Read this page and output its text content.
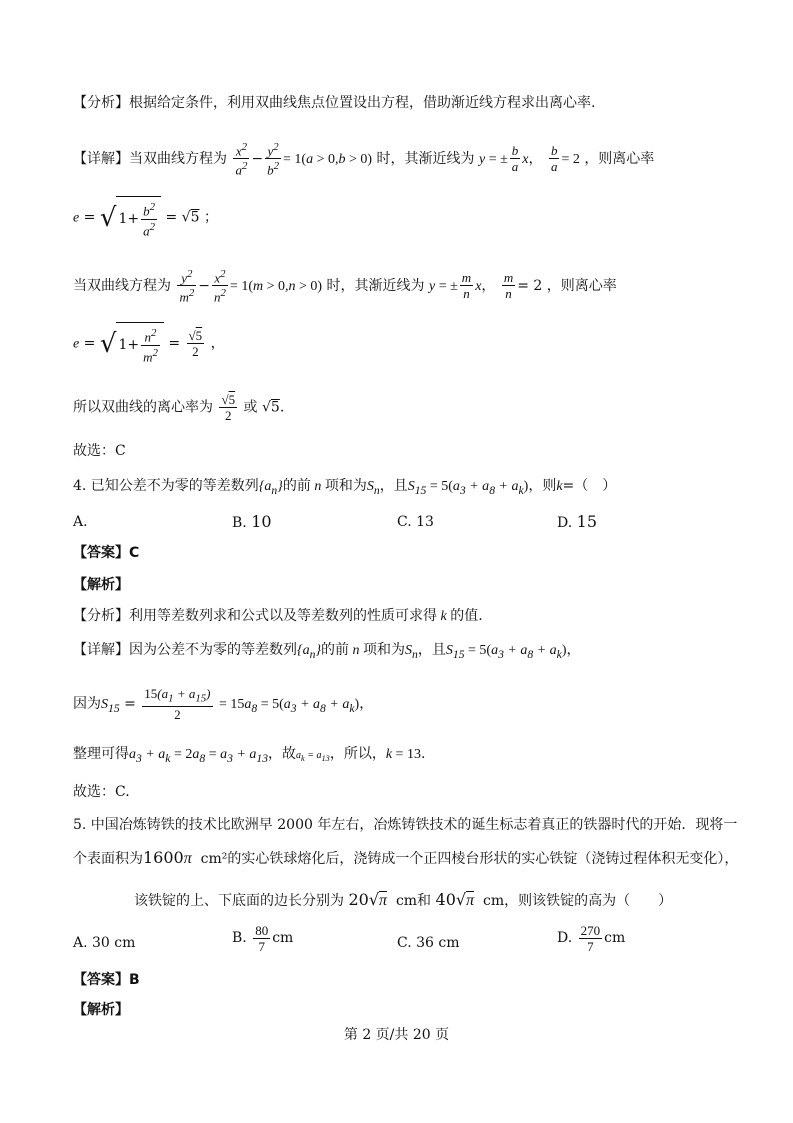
【分析】根据给定条件，利用双曲线焦点位置设出方程，借助渐近线方程求出离心率.
【详解】当双曲线方程为 $\frac{x^2}{a^2} - \frac{y^2}{b^2} = 1(a > 0,b > 0)$ 时，其渐近线为 y = ± $\frac{b}{a}$ x， $\frac{b}{a} = 2$ ，则离心率
e = √ $1+ \frac{b^2}{a^2} = √5$ ；
当双曲线方程为 $\frac{y^2}{m^2} - \frac{x^2}{n^2} = 1(m > 0,n > 0)$ 时，其渐近线为 y = ± $\frac{m}{n}$ x， $\frac{m}{n} = 2$ ，则离心率
e = √ $1+ \frac{n^2}{m^2} = \frac{√5}{2}$ ，
所以双曲线的离心率为 $\frac{√5}{2}$ 或 √5.
故选：C
4. 已知公差不为零的等差数列$\{a_n\}$的前 n 项和为$S_n$，且$S_{15} = 5(a_3 + a_8 + a_k)$，则k=（　）
A.	B. 10	C. 13	D. 15
【答案】C
【解析】
【分析】利用等差数列求和公式以及等差数列的性质可求得 k 的值.
【详解】因为公差不为零的等差数列$\{a_n\}$的前 n 项和为$S_n$，且$S_{15} = 5(a_3 + a_8 + a_k)$，
因为$S_{15} = \frac{15(a_1 + a_{15})}{2} = 15a_8 = 5(a_3 + a_8 + a_k)$，
整理可得$a_3 + a_k = 2a_8 = a_3 + a_{13}$，故$a_k = a_{13}$，所以，k = 13.
故选：C.
5. 中国冶炼铸铁的技术比欧洲早 2000 年左右，冶炼铸铁技术的诞生标志着真正的铁器时代的开始．现将一
个表面积为1600π cm²的实心铁球熔化后，浇铸成一个正四棱台形状的实心铁锭（浇铸过程体积无变化），
该铁锭的上、下底面的边长分别为 20√π cm和 40√π cm，则该铁锭的高为（　　）
A. 30 cm	B. $\frac{80}{7}$ cm	C. 36 cm	D. $\frac{270}{7}$ cm
【答案】B
【解析】
第 2 页/共 20 页
